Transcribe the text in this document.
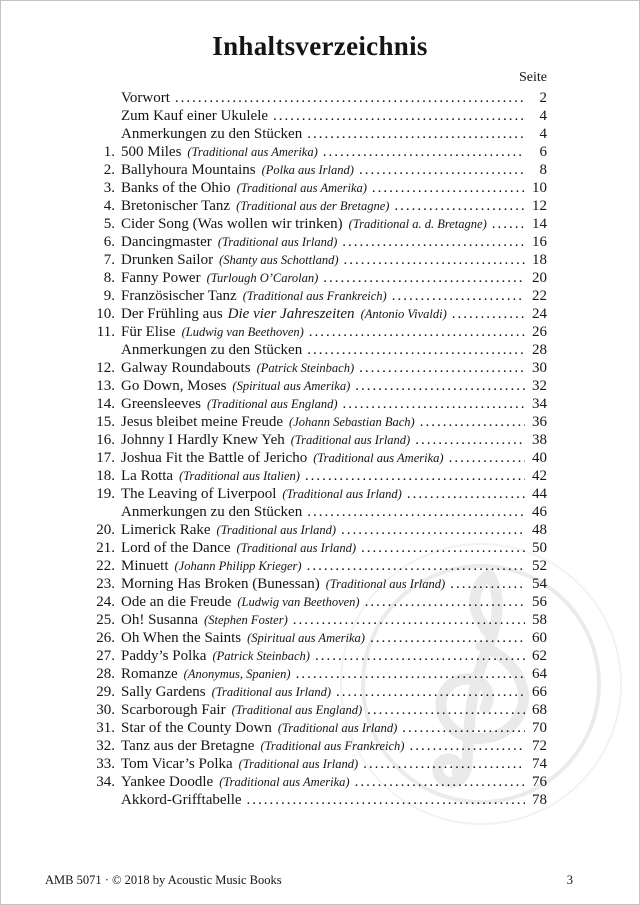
Inhaltsverzeichnis
Seite
Vorwort .....	2
Zum Kauf einer Ukulele .....	4
Anmerkungen zu den Stücken .....	4
1. 500 Miles (Traditional aus Amerika) .....	6
2. Ballyhoura Mountains (Polka aus Irland) .....	8
3. Banks of the Ohio (Traditional aus Amerika) .....	10
4. Bretonischer Tanz (Traditional aus der Bretagne) .....	12
5. Cider Song (Was wollen wir trinken) (Traditional a. d. Bretagne) .....	14
6. Dancingmaster (Traditional aus Irland) .....	16
7. Drunken Sailor (Shanty aus Schottland) .....	18
8. Fanny Power (Turlough O’Carolan) .....	20
9. Französischer Tanz (Traditional aus Frankreich) .....	22
10. Der Frühling aus Die vier Jahreszeiten (Antonio Vivaldi) .....	24
11. Für Elise (Ludwig van Beethoven) .....	26
Anmerkungen zu den Stücken .....	28
12. Galway Roundabouts (Patrick Steinbach) .....	30
13. Go Down, Moses (Spiritual aus Amerika) .....	32
14. Greensleeves (Traditional aus England) .....	34
15. Jesus bleibet meine Freude (Johann Sebastian Bach) .....	36
16. Johnny I Hardly Knew Yeh (Traditional aus Irland) .....	38
17. Joshua Fit the Battle of Jericho (Traditional aus Amerika) .....	40
18. La Rotta (Traditional aus Italien) .....	42
19. The Leaving of Liverpool (Traditional aus Irland) .....	44
Anmerkungen zu den Stücken .....	46
20. Limerick Rake (Traditional aus Irland) .....	48
21. Lord of the Dance (Traditional aus Irland) .....	50
22. Minuett (Johann Philipp Krieger) .....	52
23. Morning Has Broken (Bunessan) (Traditional aus Irland) .....	54
24. Ode an die Freude (Ludwig van Beethoven) .....	56
25. Oh! Susanna (Stephen Foster) .....	58
26. Oh When the Saints (Spiritual aus Amerika) .....	60
27. Paddy’s Polka (Patrick Steinbach) .....	62
28. Romanze (Anonymus, Spanien) .....	64
29. Sally Gardens (Traditional aus Irland) .....	66
30. Scarborough Fair (Traditional aus England) .....	68
31. Star of the County Down (Traditional aus Irland) .....	70
32. Tanz aus der Bretagne (Traditional aus Frankreich) .....	72
33. Tom Vicar’s Polka (Traditional aus Irland) .....	74
34. Yankee Doodle (Traditional aus Amerika) .....	76
Akkord-Grifftabelle .....	78
AMB 5071 · © 2018 by Acoustic Music Books	3
